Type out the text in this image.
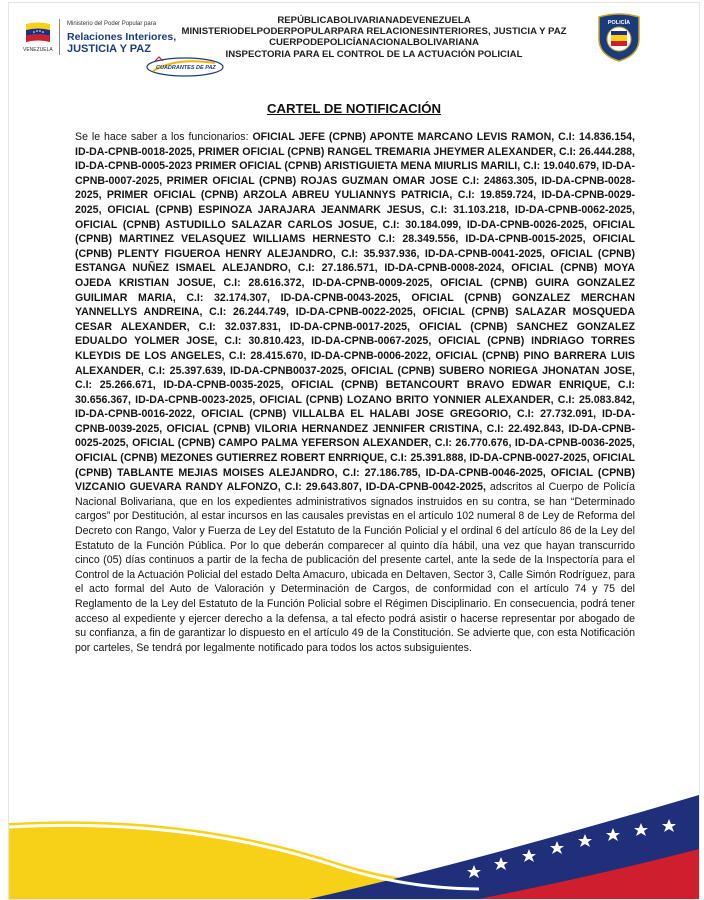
VENEZUELA
Ministerio del Poder Popular para
Relaciones Interiores,
JUSTICIA Y PAZ
CUADRANTES DE PAZ
REPÚBLICABOLIVARIANADEVENEZUELA
MINISTERIODELPODERPOPULARPARA RELACIONESINTERIORES, JUSTICIA Y PAZ
CUERPODEPOLICÍANACIONALBOLIVARIANA
INSPECTORIA PARA EL CONTROL DE LA ACTUACIÓN POLICIAL
POLICÍA
CARTEL DE NOTIFICACIÓN
Se le hace saber a los funcionarios: OFICIAL JEFE (CPNB) APONTE MARCANO LEVIS RAMON, C.I: 14.836.154, ID-DA-CPNB-0018-2025, PRIMER OFICIAL (CPNB) RANGEL TREMARIA JHEYMER ALEXANDER, C.I: 26.444.288, ID-DA-CPNB-0005-2023 PRIMER OFICIAL (CPNB) ARISTIGUIETA MENA MIURLIS MARILI, C.I: 19.040.679, ID-DA-CPNB-0007-2025, PRIMER OFICIAL (CPNB) ROJAS GUZMAN OMAR JOSE C.I: 24863.305, ID-DA-CPNB-0028-2025, PRIMER OFICIAL (CPNB) ARZOLA ABREU YULIANNYS PATRICIA, C.I: 19.859.724, ID-DA-CPNB-0029-2025, OFICIAL (CPNB) ESPINOZA JARAJARA JEANMARK JESUS, C.I: 31.103.218, ID-DA-CPNB-0062-2025, OFICIAL (CPNB) ASTUDILLO SALAZAR CARLOS JOSUE, C.I: 30.184.099, ID-DA-CPNB-0026-2025, OFICIAL (CPNB) MARTINEZ VELASQUEZ WILLIAMS HERNESTO C.I: 28.349.556, ID-DA-CPNB-0015-2025, OFICIAL (CPNB) PLENTY FIGUEROA HENRY ALEJANDRO, C.I: 35.937.936, ID-DA-CPNB-0041-2025, OFICIAL (CPNB) ESTANGA NUÑEZ ISMAEL ALEJANDRO, C.I: 27.186.571, ID-DA-CPNB-0008-2024, OFICIAL (CPNB) MOYA OJEDA KRISTIAN JOSUE, C.I: 28.616.372, ID-DA-CPNB-0009-2025, OFICIAL (CPNB) GUIRA GONZALEZ GUILIMAR MARIA, C.I: 32.174.307, ID-DA-CPNB-0043-2025, OFICIAL (CPNB) GONZALEZ MERCHAN YANNELLYS ANDREINA, C.I: 26.244.749, ID-DA-CPNB-0022-2025, OFICIAL (CPNB) SALAZAR MOSQUEDA CESAR ALEXANDER, C.I: 32.037.831, ID-DA-CPNB-0017-2025, OFICIAL (CPNB) SANCHEZ GONZALEZ EDUALDO YOLMER JOSE, C.I: 30.810.423, ID-DA-CPNB-0067-2025, OFICIAL (CPNB) INDRIAGO TORRES KLEYDIS DE LOS ANGELES, C.I: 28.415.670, ID-DA-CPNB-0006-2022, OFICIAL (CPNB) PINO BARRERA LUIS ALEXANDER, C.I: 25.397.639, ID-DA-CPNB0037-2025, OFICIAL (CPNB) SUBERO NORIEGA JHONATAN JOSE, C.I: 25.266.671, ID-DA-CPNB-0035-2025, OFICIAL (CPNB) BETANCOURT BRAVO EDWAR ENRIQUE, C.I: 30.656.367, ID-DA-CPNB-0023-2025, OFICIAL (CPNB) LOZANO BRITO YONNIER ALEXANDER, C.I: 25.083.842, ID-DA-CPNB-0016-2022, OFICIAL (CPNB) VILLALBA EL HALABI JOSE GREGORIO, C.I: 27.732.091, ID-DA-CPNB-0039-2025, OFICIAL (CPNB) VILORIA HERNANDEZ JENNIFER CRISTINA, C.I: 22.492.843, ID-DA-CPNB-0025-2025, OFICIAL (CPNB) CAMPO PALMA YEFERSON ALEXANDER, C.I: 26.770.676, ID-DA-CPNB-0036-2025, OFICIAL (CPNB) MEZONES GUTIERREZ ROBERT ENRRIQUE, C.I: 25.391.888, ID-DA-CPNB-0027-2025, OFICIAL (CPNB) TABLANTE MEJIAS MOISES ALEJANDRO, C.I: 27.186.785, ID-DA-CPNB-0046-2025, OFICIAL (CPNB) VIZCANIO GUEVARA RANDY ALFONZO, C.I: 29.643.807, ID-DA-CPNB-0042-2025, adscritos al Cuerpo de Policía Nacional Bolivariana, que en los expedientes administrativos signados instruidos en su contra, se han “Determinado cargos” por Destitución, al estar incursos en las causales previstas en el artículo 102 numeral 8 de Ley de Reforma del Decreto con Rango, Valor y Fuerza de Ley del Estatuto de la Función Policial y el ordinal 6 del artículo 86 de la Ley del Estatuto de la Función Pública. Por lo que deberán comparecer al quinto día hábil, una vez que hayan transcurrido cinco (05) días continuos a partir de la fecha de publicación del presente cartel, ante la sede de la Inspectoría para el Control de la Actuación Policial del estado Delta Amacuro, ubicada en Deltaven, Sector 3, Calle Simón Rodríguez, para el acto formal del Auto de Valoración y Determinación de Cargos, de conformidad con el artículo 74 y 75 del Reglamento de la Ley del Estatuto de la Función Policial sobre el Régimen Disciplinario. En consecuencia, podrá tener acceso al expediente y ejercer derecho a la defensa, a tal efecto podrá asistir o hacerse representar por abogado de su confianza, a fin de garantizar lo dispuesto en el artículo 49 de la Constitución. Se advierte que, con esta Notificación por carteles, Se tendrá por legalmente notificado para todos los actos subsiguientes.
